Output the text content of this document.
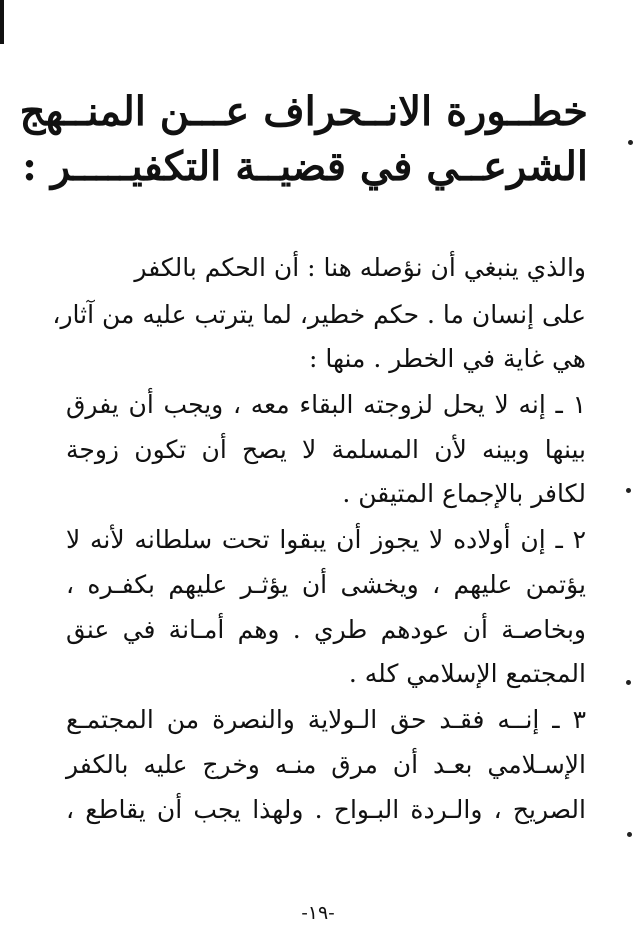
خطــورة الانــحراف عـــن المنــهج
الشرعــي في قضيــة التكفيـــــر :

والذي ينبغي أن نؤصله هنا : أن الحكم بالكفر

على إنسان ما . حكم خطير، لما يترتب عليه من آثار،

هي غاية في الخطر . منها :

١ ـ إنه لا يحل لزوجته البقاء معه ، ويجب أن يفرق

بينها وبينه لأن المسلمة لا يصح أن تكون زوجة

لكافر بالإجماع المتيقن .

٢ ـ إن أولاده لا يجوز أن يبقوا تحت سلطانه لأنه لا

يؤتمن عليهم ، ويخشى أن يؤثـر عليهم بكفـره ،

وبخاصـة أن عودهم طري . وهم أمـانة في عنق

المجتمع الإسلامي كله .

٣ ـ إنــه فقـد حق الـولاية والنصرة من المجتمـع

الإسـلامي بعـد أن مرق منـه وخرج عليه بالكفر

الصريح ، والـردة البـواح . ولهذا يجب أن يقاطع ،

-١٩-
